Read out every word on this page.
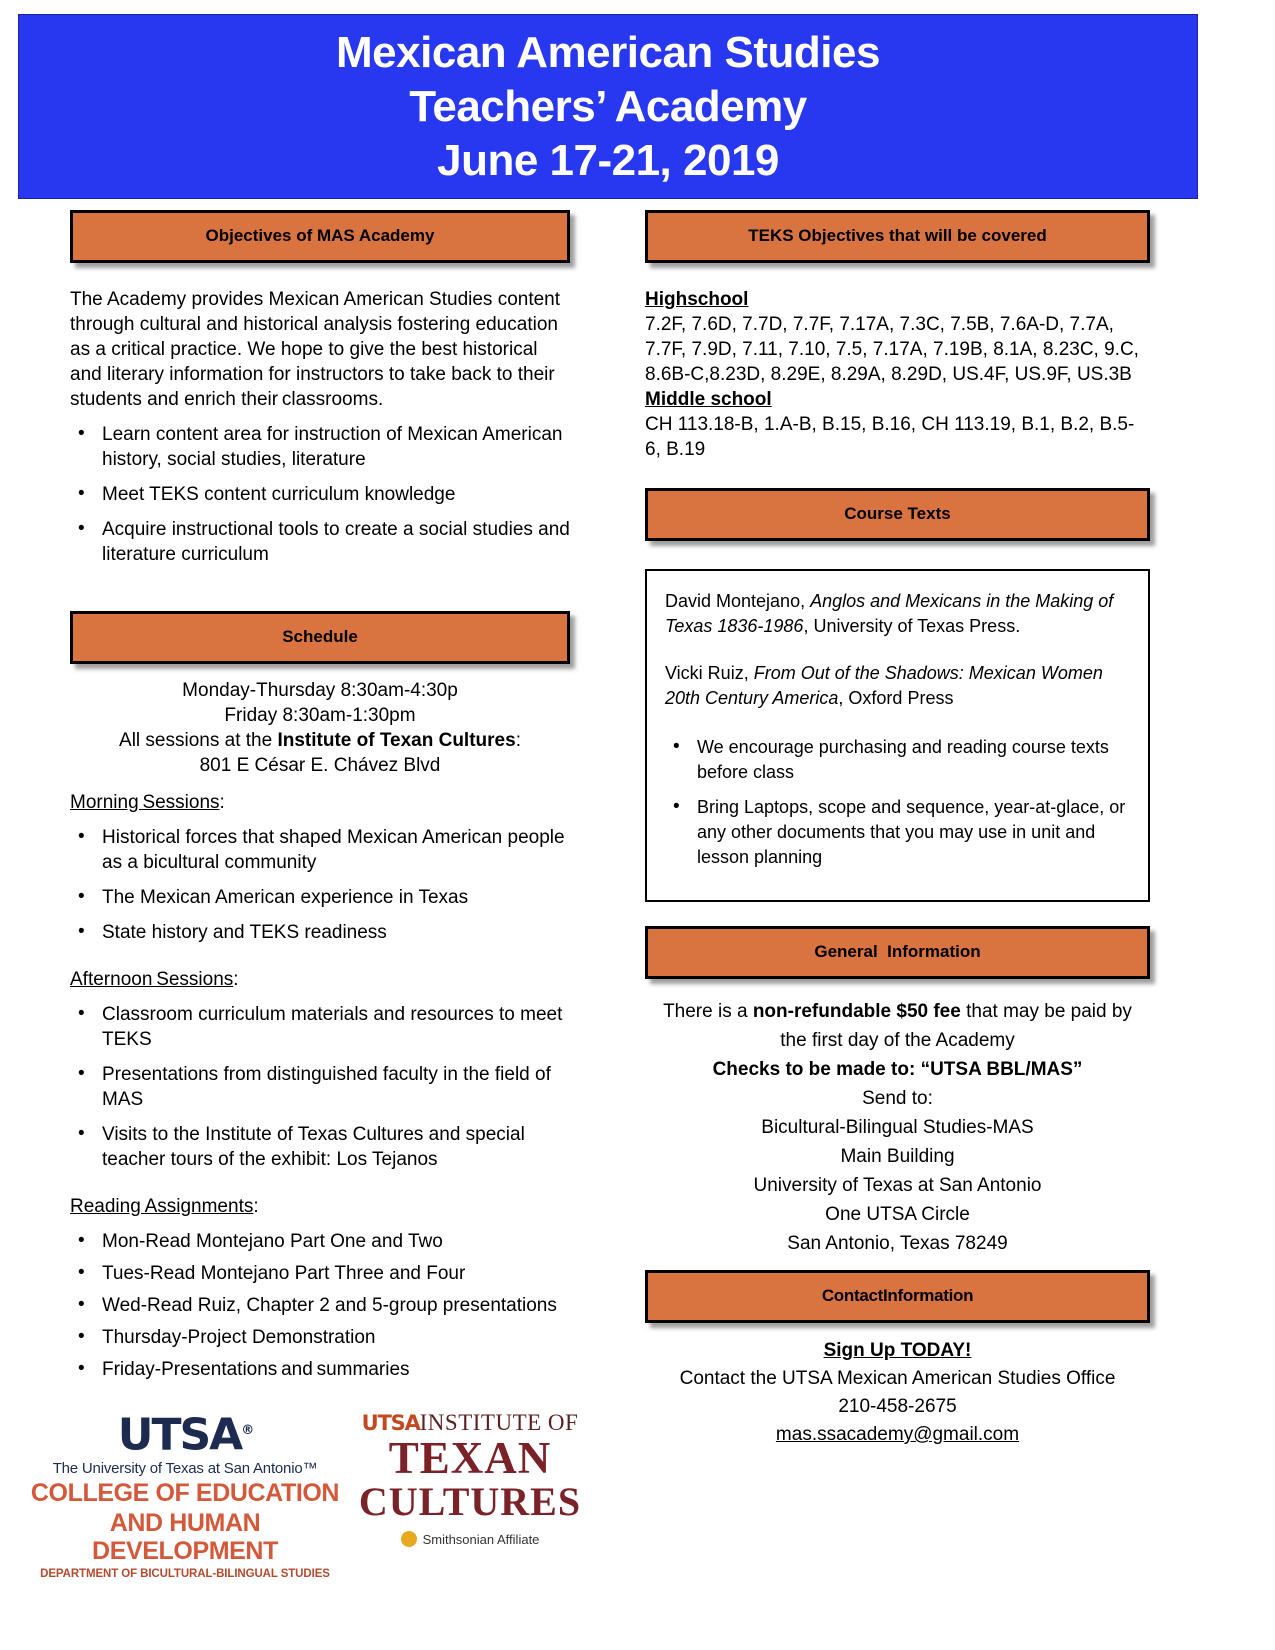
Mexican American Studies
Teachers’ Academy
June 17-21, 2019
Objectives of MAS Academy

The Academy provides Mexican American Studies content through cultural and historical analysis fostering education as a critical practice. We hope to give the best historical and literary information for instructors to take back to their students and enrich their classrooms.

• Learn content area for instruction of Mexican American history, social studies, literature
• Meet TEKS content curriculum knowledge
• Acquire instructional tools to create a social studies and literature curriculum
Schedule
Monday-Thursday 8:30am-4:30p
Friday 8:30am-1:30pm
All sessions at the Institute of Texan Cultures:
801 E César E. Chávez Blvd
Morning Sessions:
• Historical forces that shaped Mexican American people as a bicultural community
• The Mexican American experience in Texas
• State history and TEKS readiness
Afternoon Sessions:
• Classroom curriculum materials and resources to meet TEKS
• Presentations from distinguished faculty in the field of MAS
• Visits to the Institute of Texas Cultures and special teacher tours of the exhibit: Los Tejanos
Reading Assignments:
• Mon-Read Montejano Part One and Two
• Tues-Read Montejano Part Three and Four
• Wed-Read Ruiz, Chapter 2 and 5-group presentations
• Thursday-Project Demonstration
• Friday-Presentations and summaries
TEKS Objectives that will be covered
Highschool
7.2F, 7.6D, 7.7D, 7.7F, 7.17A, 7.3C, 7.5B, 7.6A-D, 7.7A, 7.7F, 7.9D, 7.11, 7.10, 7.5, 7.17A, 7.19B, 8.1A, 8.23C, 9.C, 8.6B-C,8.23D, 8.29E, 8.29A, 8.29D, US.4F, US.9F, US.3B
Middle school
CH 113.18-B, 1.A-B, B.15, B.16, CH 113.19, B.1, B.2, B.5-6, B.19
Course Texts

David Montejano, Anglos and Mexicans in the Making of Texas 1836-1986, University of Texas Press.

Vicki Ruiz, From Out of the Shadows: Mexican Women 20th Century America, Oxford Press

• We encourage purchasing and reading course texts before class
• Bring Laptops, scope and sequence, year-at-glace, or any other documents that you may use in unit and lesson planning
General  Information
There is a non-refundable $50 fee that may be paid by
the first day of the Academy
Checks to be made to: “UTSA BBL/MAS”
Send to:
Bicultural-Bilingual Studies-MAS
Main Building
University of Texas at San Antonio
One UTSA Circle
San Antonio, Texas 78249
ContactInformation
Sign Up TODAY!
Contact the UTSA Mexican American Studies Office
210-458-2675
mas.ssacademy@gmail.com
UTSA®
The University of Texas at San Antonio™
COLLEGE OF EDUCATION
AND HUMAN DEVELOPMENT
DEPARTMENT OF BICULTURAL-BILINGUAL STUDIES
UTSAINSTITUTE OF
TEXAN
CULTURES
Smithsonian Affiliate
